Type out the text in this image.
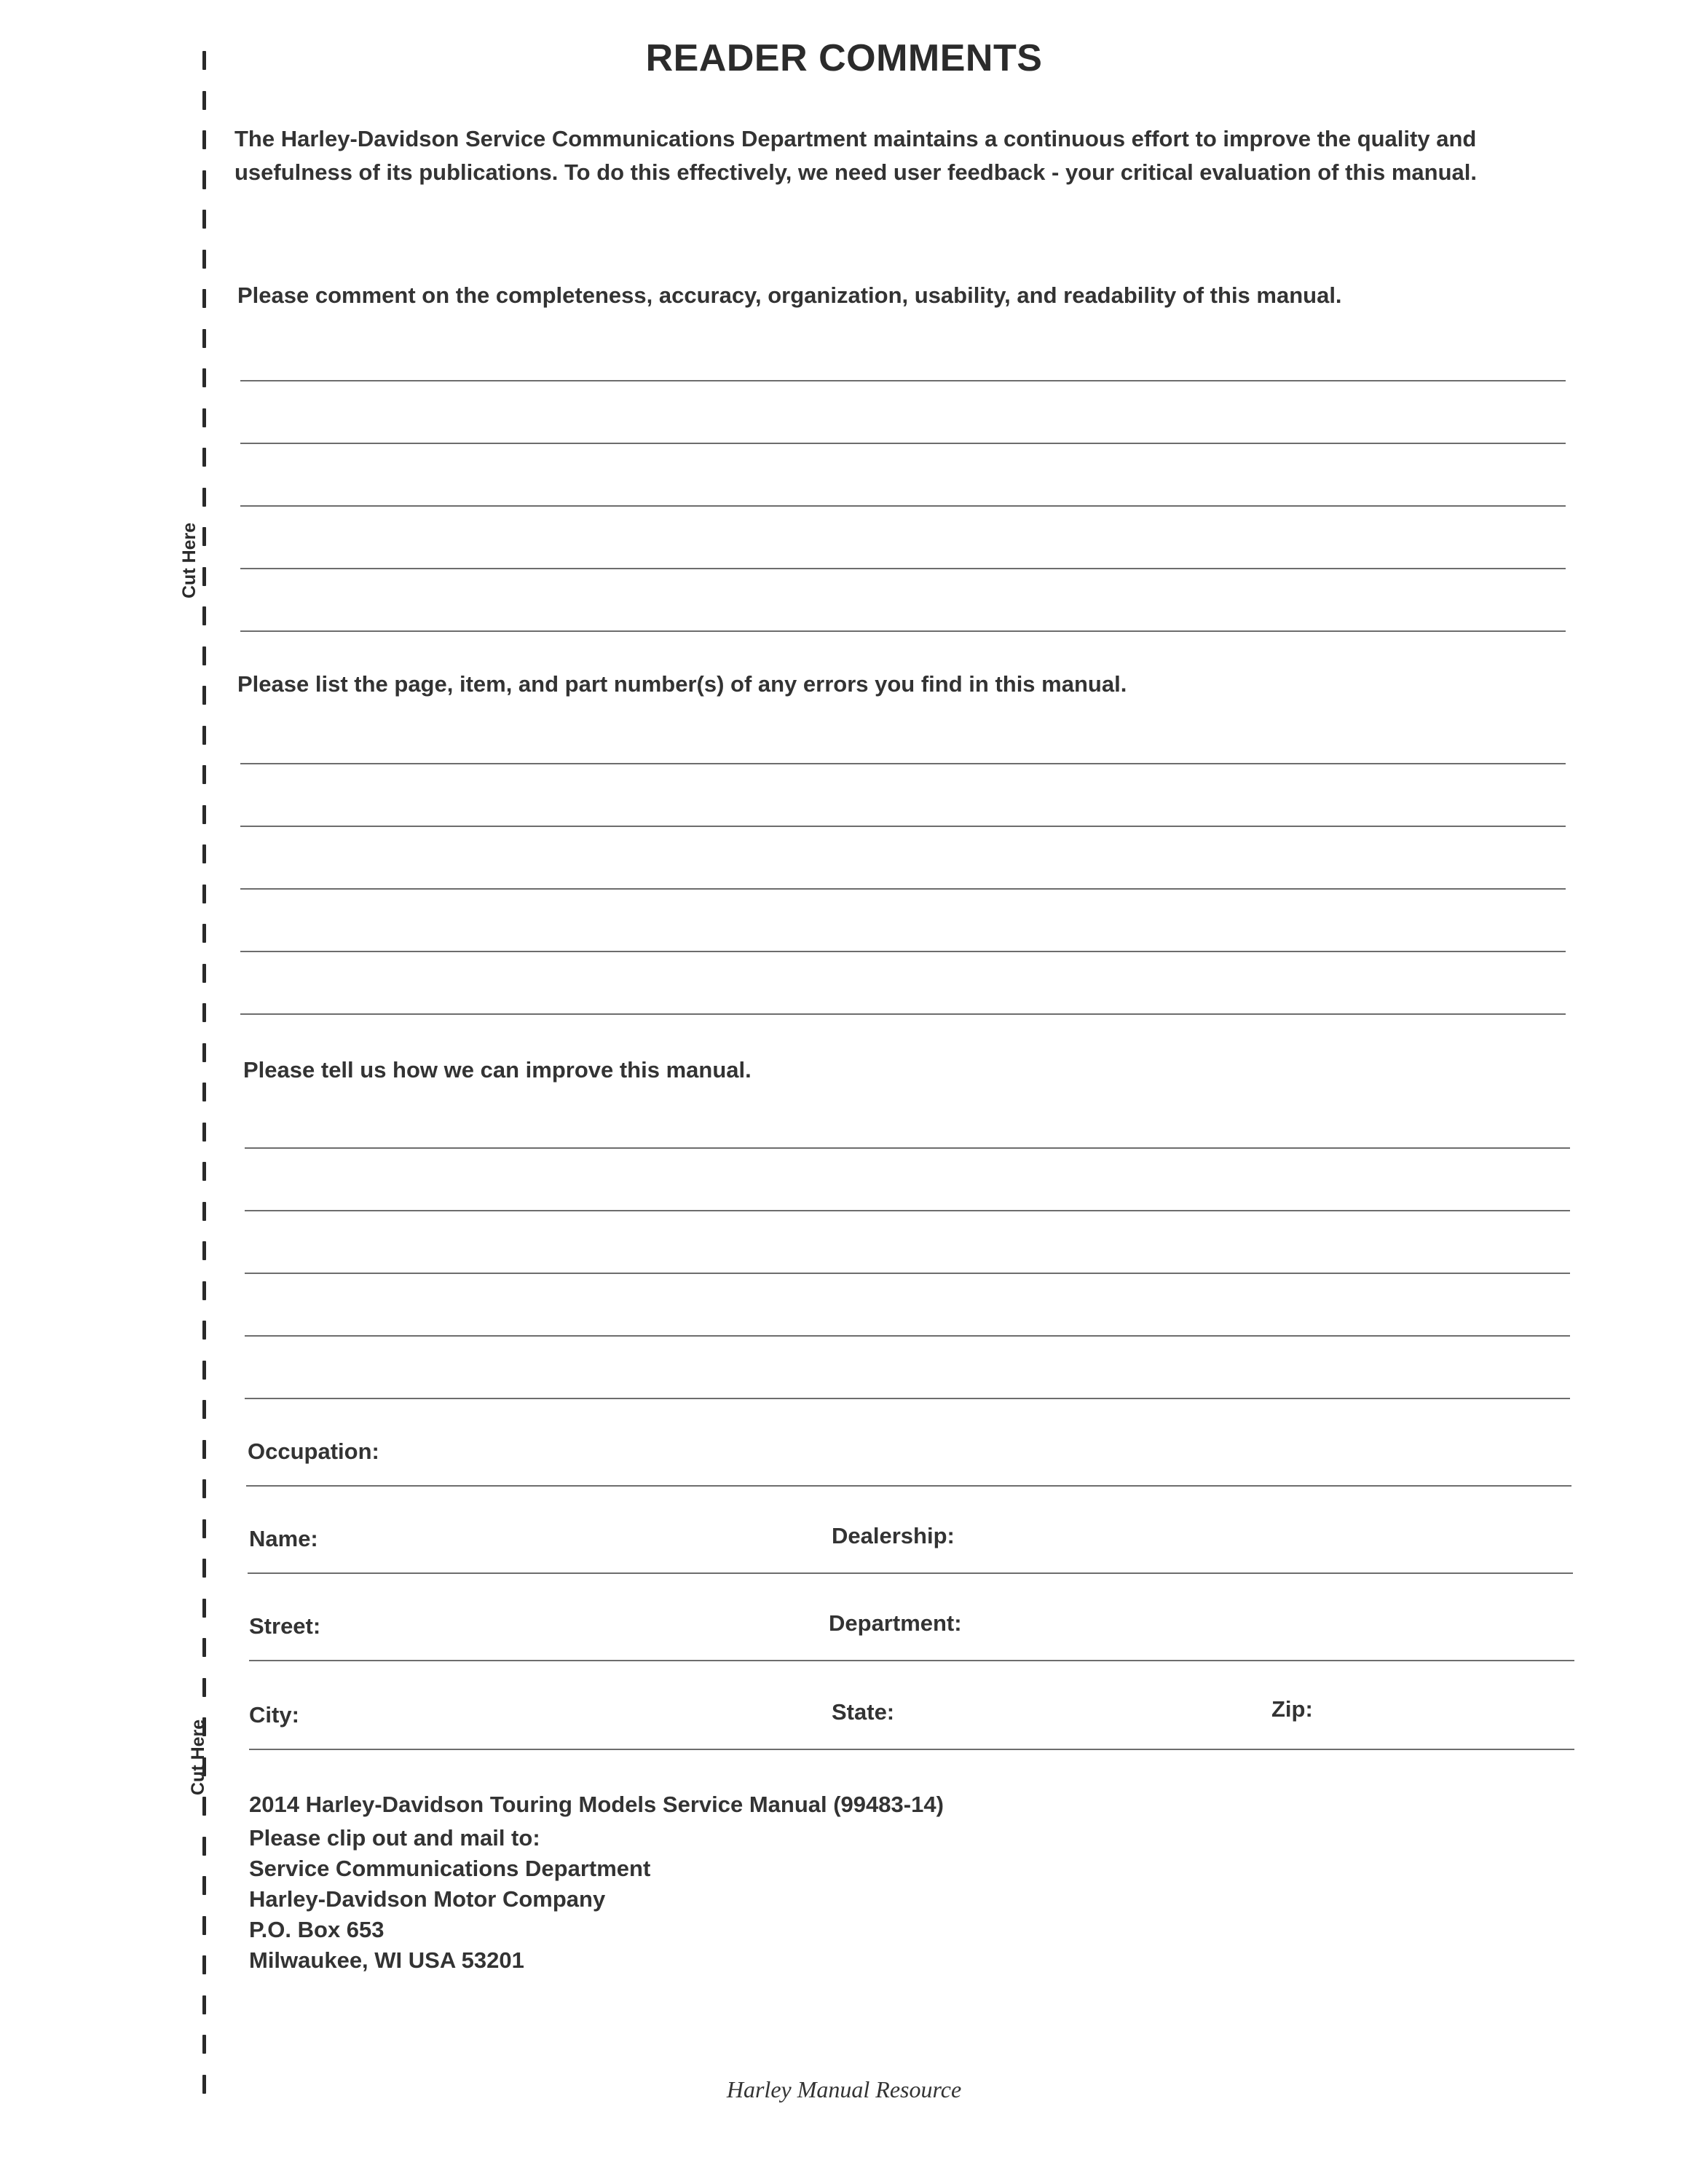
Cut Here
Cut Here
READER COMMENTS
The Harley-Davidson Service Communications Department maintains a continuous effort to improve the quality and usefulness of its publications. To do this effectively, we need user feedback - your critical evaluation of this manual.
Please comment on the completeness, accuracy, organization, usability, and readability of this manual.
Please list the page, item, and part number(s) of any errors you find in this manual.
Please tell us how we can improve this manual.
Occupation:
Name:	Dealership:
Street:	Department:
City:	State:	Zip:
2014 Harley-Davidson Touring Models Service Manual (99483-14)
Please clip out and mail to:
Service Communications Department
Harley-Davidson Motor Company
P.O. Box 653
Milwaukee, WI USA 53201
Harley Manual Resource
